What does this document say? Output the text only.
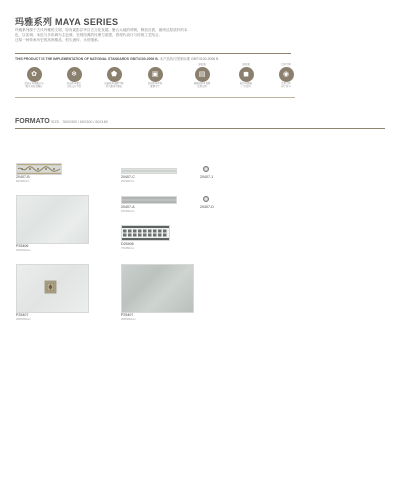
玛雅系列 MAYA SERIES
玛雅系列源于古代玛雅的文明，原有素影浮华自古文化发端，聚合大地的呼吸，释放自我，最终还原质朴的本
色，以灰调、米色与多彩调为主色调，呈现经典的纹理与质感，将现代设计与传统工艺结合，
还原一种传承历史的高贵精品，恒久流传，永世继承。
THIS PRODUCT IS THE IMPLEMENTATION OF NATIONAL STANDARDS GB/T4100-2006 B. 本产品执行国家标准 GB/T4100-2006 B
✿
高热度 & 低吸水率
吸水率低 高硬度
❄
抗冻性 & 耐污
冷热交替不裂
⬟
抗磨损 & 表面平整
经久耐用不褪色
▣
抗菌性 & 环保
健康卫生
铺贴面
▤
墙面铺贴 & 地面
适用范围
铺贴面
◼
防滑 & 耐磨
户外适用
适用空间
◉
适用空间
客厅 卧室
FORMATO SIZE：300X300 / 60X300 / 60X180
20407-B
60X300mm
20407-C
25X300mm
20407-1
20407-A
25X300mm
20407-D
P25406
300X450mm
D25406
75X450mm
P25407
300X450mm
P25407
300X450mm
